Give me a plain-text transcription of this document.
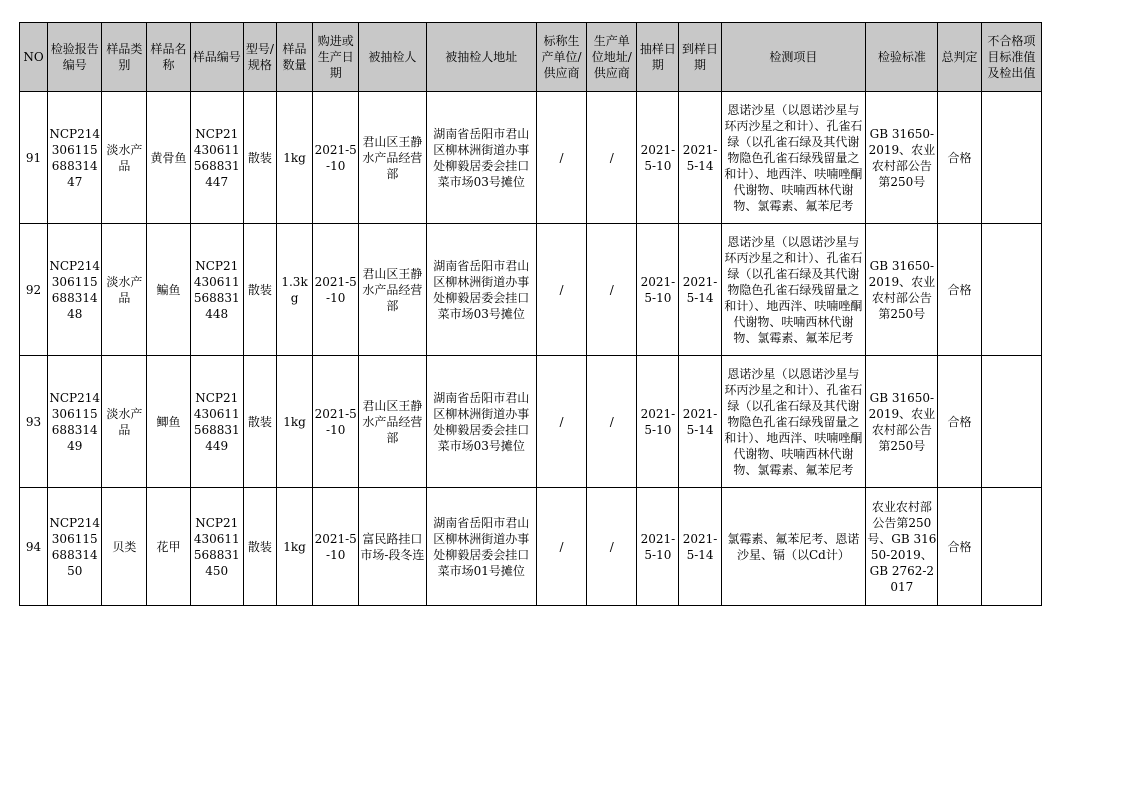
NO	检验报告编号	样品类别	样品名称	样品编号	型号/规格	样品数量	购进或生产日期	被抽检人	被抽检人地址	标称生产单位/供应商	生产单位地址/供应商	抽样日期	到样日期	检测项目	检验标准	总判定	不合格项目标准值及检出值
91	NCP21430611568831447	淡水产品	黄骨鱼	NCP21430611568831447	散装	1kg	2021-5-10	君山区王静水产品经营部	湖南省岳阳市君山区柳林洲街道办事处柳毅居委会挂口菜市场03号摊位	/	/	2021-5-10	2021-5-14	恩诺沙星（以恩诺沙星与环丙沙星之和计）、孔雀石绿（以孔雀石绿及其代谢物隐色孔雀石绿残留量之和计）、地西泮、呋喃唑酮代谢物、呋喃西林代谢物、氯霉素、氟苯尼考	GB 31650-2019、农业农村部公告第250号	合格	
92	NCP21430611568831448	淡水产品	鳊鱼	NCP21430611568831448	散装	1.3kg	2021-5-10	君山区王静水产品经营部	湖南省岳阳市君山区柳林洲街道办事处柳毅居委会挂口菜市场03号摊位	/	/	2021-5-10	2021-5-14	恩诺沙星（以恩诺沙星与环丙沙星之和计）、孔雀石绿（以孔雀石绿及其代谢物隐色孔雀石绿残留量之和计）、地西泮、呋喃唑酮代谢物、呋喃西林代谢物、氯霉素、氟苯尼考	GB 31650-2019、农业农村部公告第250号	合格	
93	NCP21430611568831449	淡水产品	鲫鱼	NCP21430611568831449	散装	1kg	2021-5-10	君山区王静水产品经营部	湖南省岳阳市君山区柳林洲街道办事处柳毅居委会挂口菜市场03号摊位	/	/	2021-5-10	2021-5-14	恩诺沙星（以恩诺沙星与环丙沙星之和计）、孔雀石绿（以孔雀石绿及其代谢物隐色孔雀石绿残留量之和计）、地西泮、呋喃唑酮代谢物、呋喃西林代谢物、氯霉素、氟苯尼考	GB 31650-2019、农业农村部公告第250号	合格	
94	NCP21430611568831450	贝类	花甲	NCP21430611568831450	散装	1kg	2021-5-10	富民路挂口市场-段冬连	湖南省岳阳市君山区柳林洲街道办事处柳毅居委会挂口菜市场01号摊位	/	/	2021-5-10	2021-5-14	氯霉素、氟苯尼考、恩诺沙星、镉（以Cd计）	农业农村部公告第250号、GB 31650-2019、GB 2762-2017	合格	
